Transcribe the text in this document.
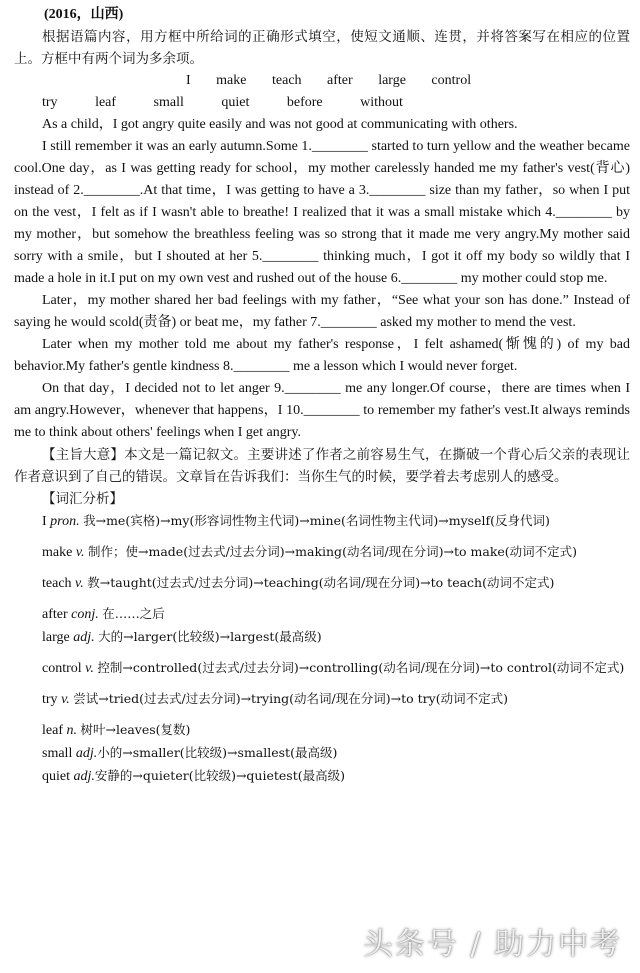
(2016，山西)
根据语篇内容，用方框中所给词的正确形式填空，使短文通顺、连贯，并将答案写在相应的位置上。方框中有两个词为多余项。
I make teach after large control
try	leaf	small	quiet	before	without
As a child，I got angry quite easily and was not good at communicating with others.
I still remember it was an early autumn.Some 1.________ started to turn yellow and the weather became cool.One day，as I was getting ready for school，my mother carelessly handed me my father's vest(背心) instead of 2.________.At that time，I was getting to have a 3.________ size than my father，so when I put on the vest，I felt as if I wasn't able to breathe! I realized that it was a small mistake which 4.________ by my mother，but somehow the breathless feeling was so strong that it made me very angry.My mother said sorry with a smile，but I shouted at her 5.________ thinking much，I got it off my body so wildly that I made a hole in it.I put on my own vest and rushed out of the house 6.________ my mother could stop me.
Later，my mother shared her bad feelings with my father，“See what your son has done.” Instead of saying he would scold(责备) or beat me，my father 7.________ asked my mother to mend the vest.
Later when my mother told me about my father's response，I felt ashamed(惭愧的) of my bad behavior.My father's gentle kindness 8.________ me a lesson which I would never forget.
On that day，I decided not to let anger 9.________ me any longer.Of course，there are times when I am angry.However，whenever that happens，I 10.________ to remember my father's vest.It always reminds me to think about others' feelings when I get angry.
【主旨大意】本文是一篇记叙文。主要讲述了作者之前容易生气，在撕破一个背心后父亲的表现让作者意识到了自己的错误。文章旨在告诉我们：当你生气的时候，要学着去考虑别人的感受。
【词汇分析】
I pron. 我→me(宾格)→my(形容词性物主代词)→mine(名词性物主代词)→myself(反身代词)
make v. 制作；使→made(过去式/过去分词)→making(动名词/现在分词)→to make(动词不定式)
teach v. 教→taught(过去式/过去分词)→teaching(动名词/现在分词)→to teach(动词不定式)
after conj. 在……之后
large adj. 大的→larger(比较级)→largest(最高级)
control v. 控制→controlled(过去式/过去分词)→controlling(动名词/现在分词)→to control(动词不定式)
try v. 尝试→tried(过去式/过去分词)→trying(动名词/现在分词)→to try(动词不定式)
leaf n. 树叶→leaves(复数)
small adj.小的→smaller(比较级)→smallest(最高级)
quiet adj.安静的→quieter(比较级)→quietest(最高级)
头条号 / 助力中考
